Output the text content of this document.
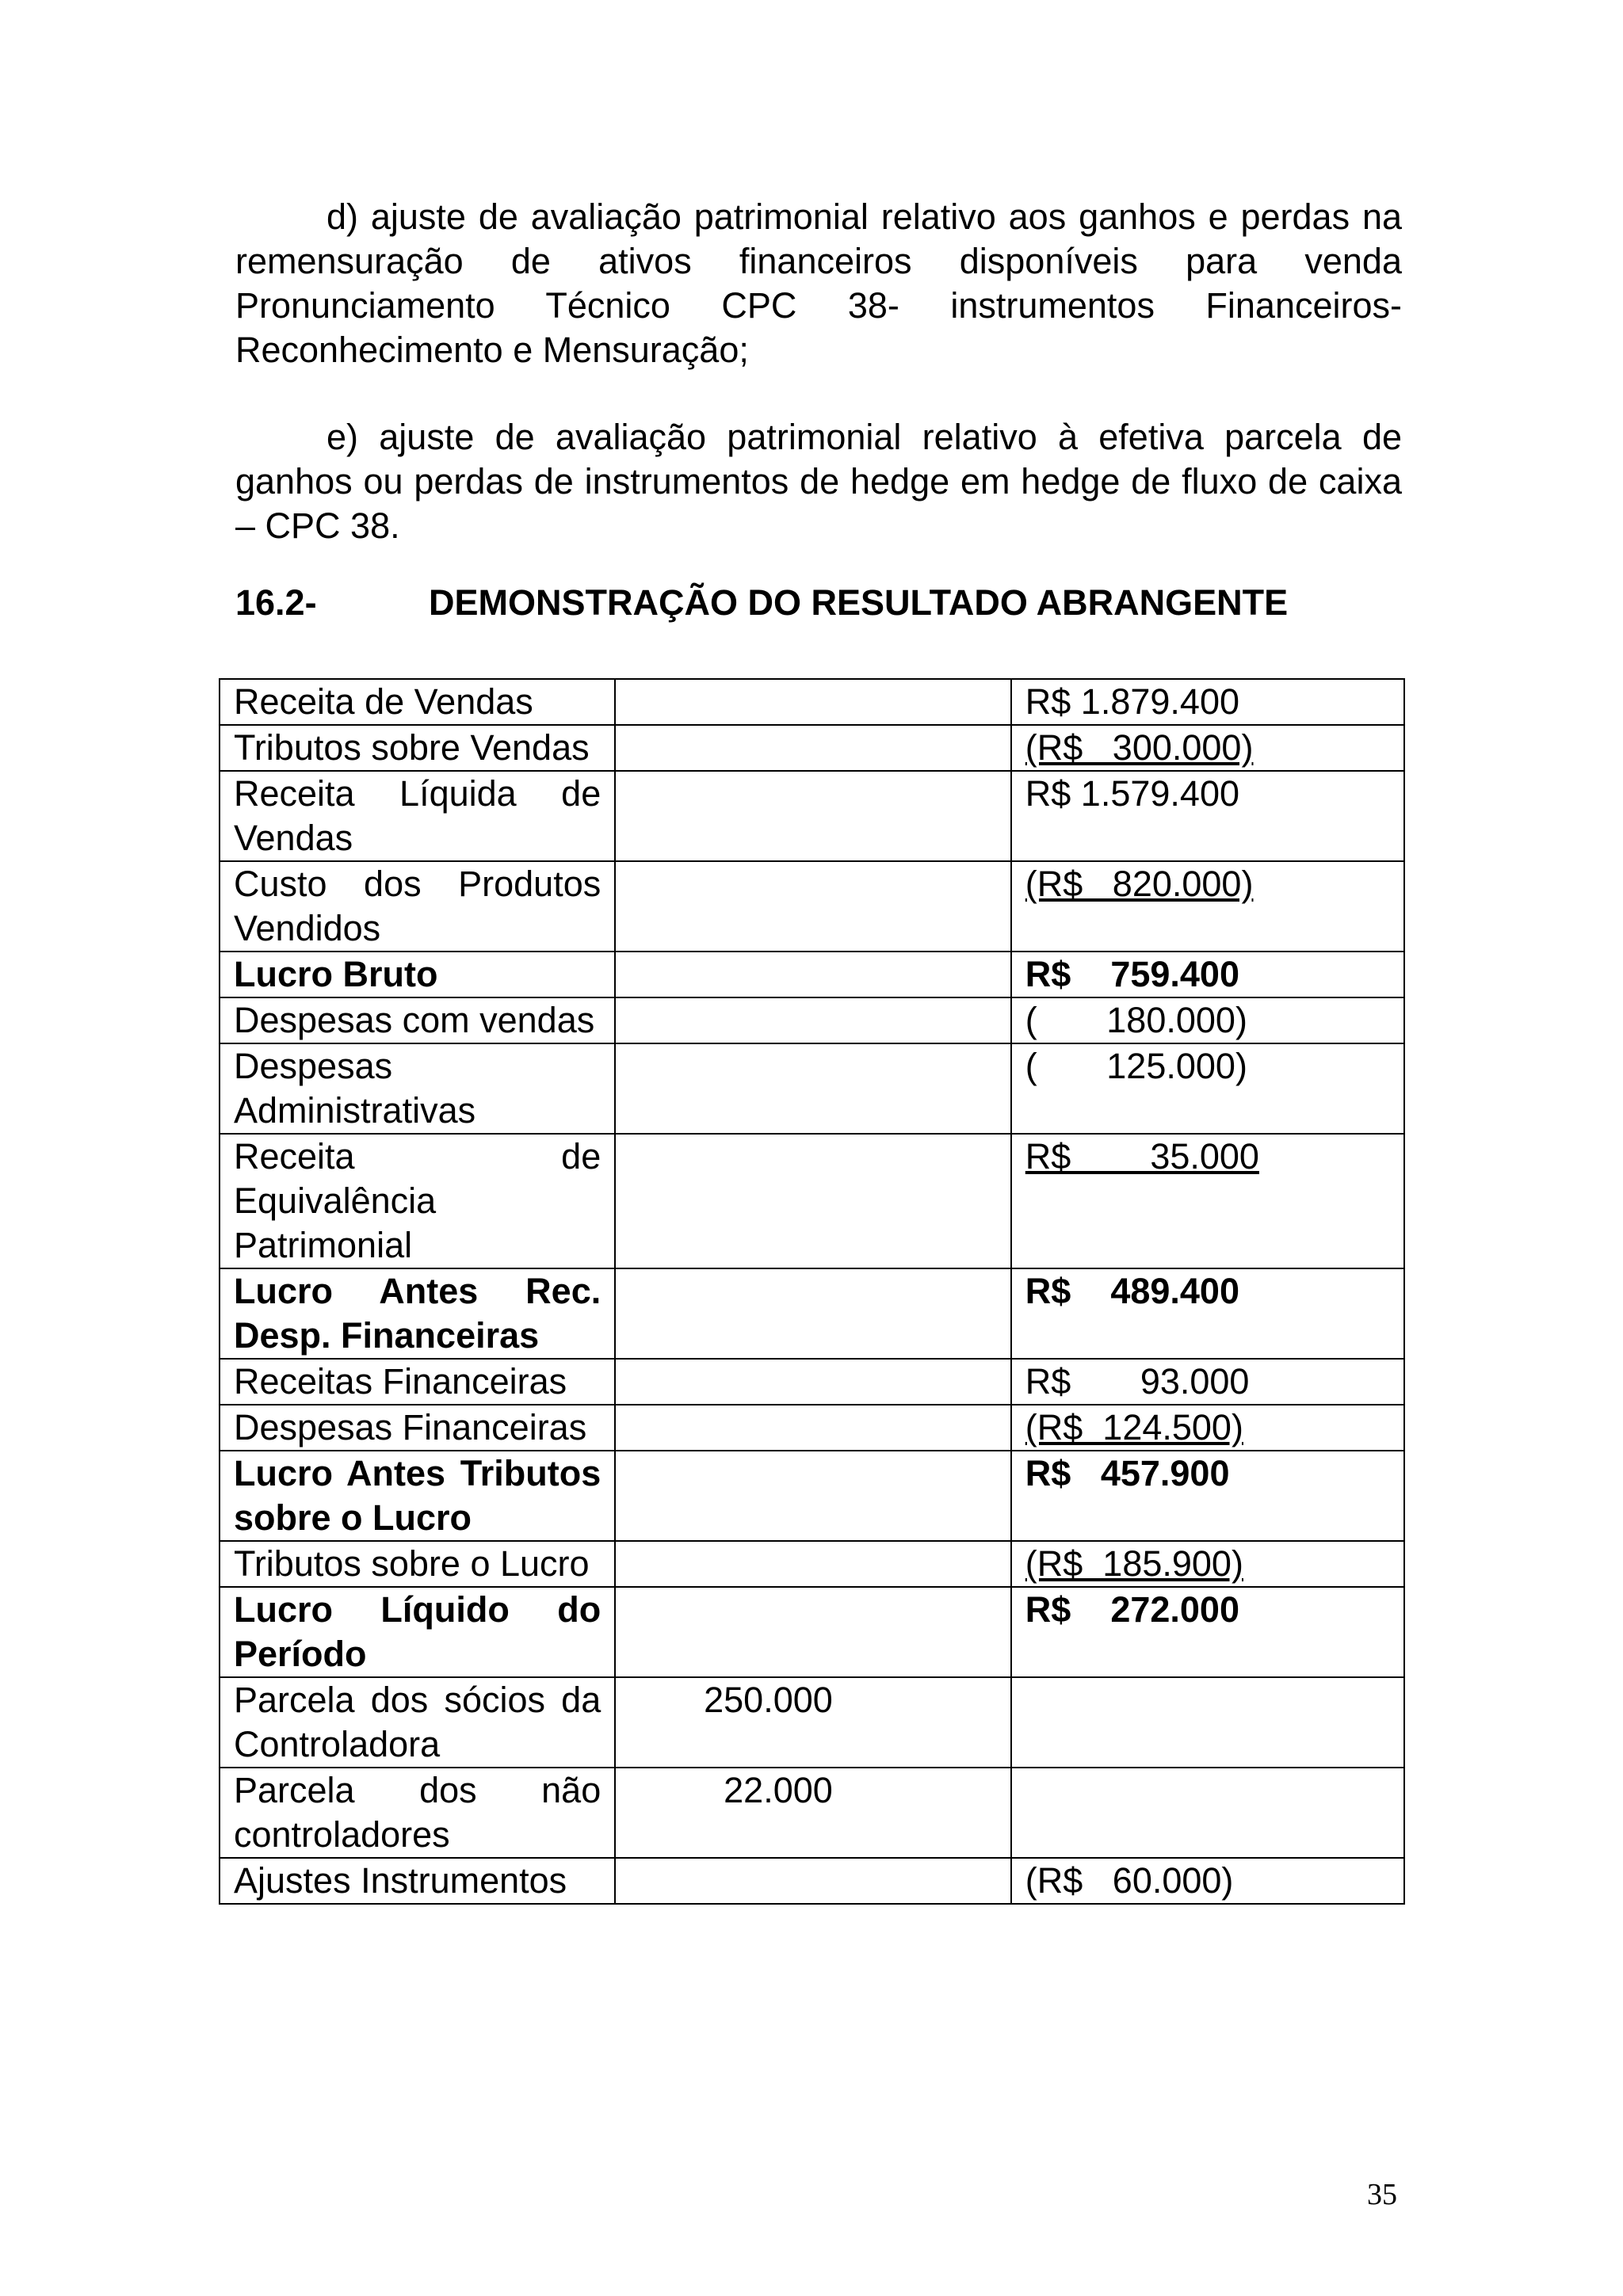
d) ajuste de avaliação patrimonial relativo aos ganhos e perdas na remensuração de ativos financeiros disponíveis para venda Pronunciamento Técnico CPC 38- instrumentos Financeiros-Reconhecimento e Mensuração;

e) ajuste de avaliação patrimonial relativo à efetiva parcela de ganhos ou perdas de instrumentos de hedge em hedge de fluxo de caixa – CPC 38.

16.2-	DEMONSTRAÇÃO DO RESULTADO ABRANGENTE
Receita de Vendas		R$ 1.879.400
Tributos sobre Vendas		(R$   300.000)
Receita Líquida de Vendas		R$ 1.579.400
Custo dos Produtos Vendidos		(R$   820.000)
Lucro Bruto		R$    759.400
Despesas com vendas		(       180.000)
Despesas Administrativas		(       125.000)
Receita de Equivalência Patrimonial		R$        35.000
Lucro Antes Rec. Desp. Financeiras		R$    489.400
Receitas Financeiras		R$       93.000
Despesas Financeiras		(R$  124.500)
Lucro Antes Tributos sobre o Lucro		R$   457.900
Tributos sobre o Lucro		(R$  185.900)
Lucro Líquido do Período		R$    272.000
Parcela dos sócios da Controladora	250.000	
Parcela dos não controladores	22.000	
Ajustes Instrumentos		(R$   60.000)
35
